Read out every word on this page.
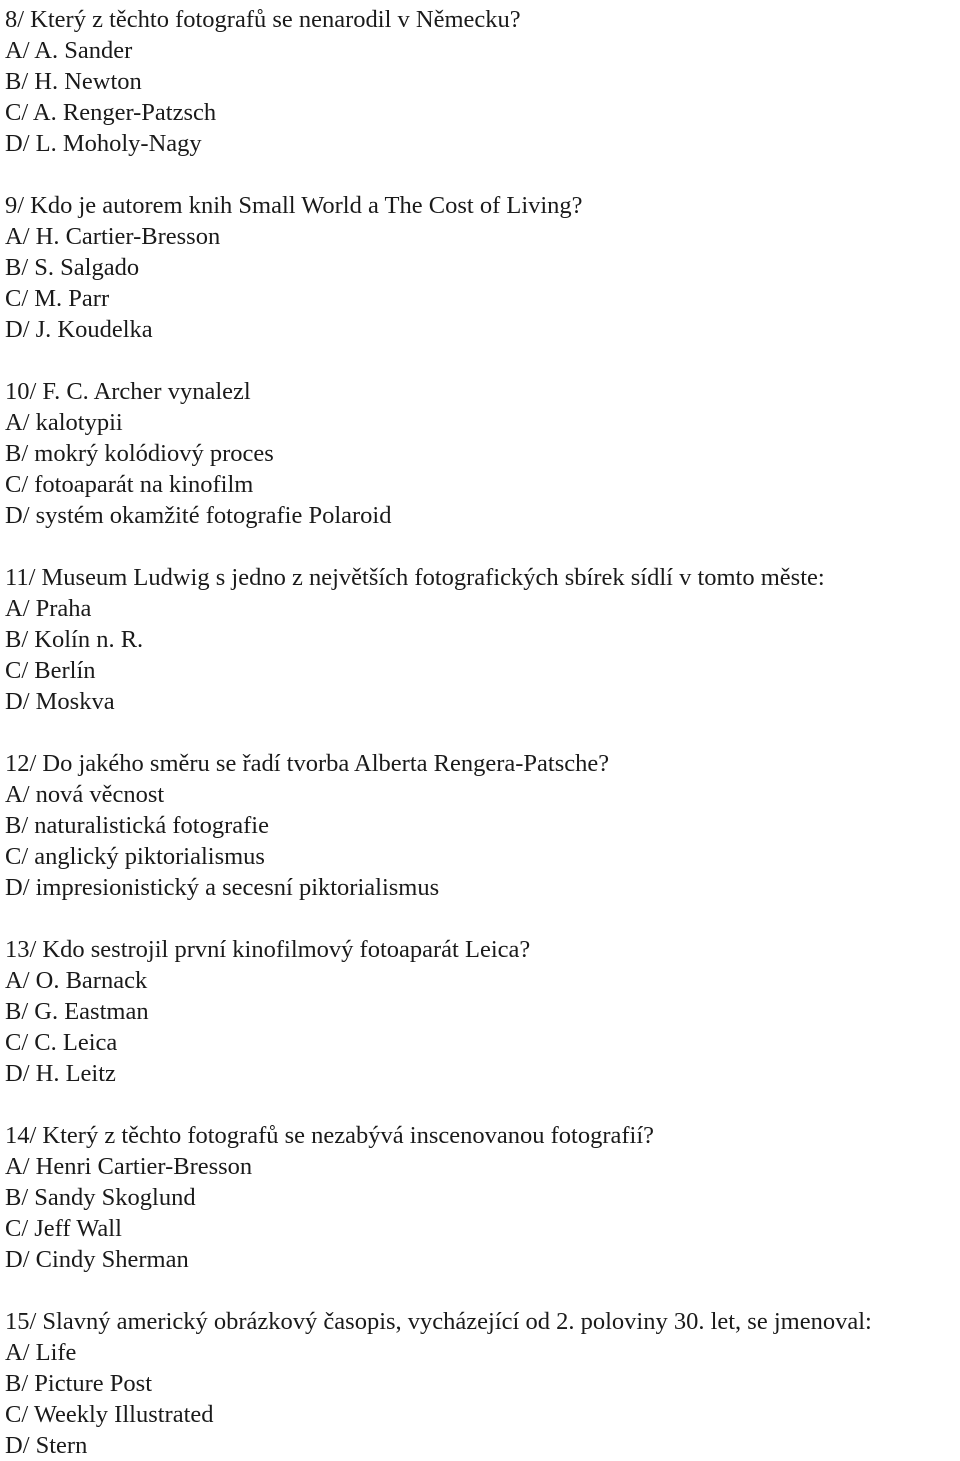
8/ Který z těchto fotografů se nenarodil v Německu?
A/ A. Sander
B/ H. Newton
C/ A. Renger-Patzsch
D/ L. Moholy-Nagy
9/ Kdo je autorem knih Small World a The Cost of Living?
A/ H. Cartier-Bresson
B/ S. Salgado
C/ M. Parr
D/ J. Koudelka
10/ F. C. Archer vynalezl
A/ kalotypii
B/ mokrý kolódiový proces
C/ fotoaparát na kinofilm
D/ systém okamžité fotografie Polaroid
11/ Museum Ludwig s jedno z největších fotografických sbírek sídlí v tomto měste:
A/ Praha
B/ Kolín n. R.
C/ Berlín
D/ Moskva
12/ Do jakého směru se řadí tvorba Alberta Rengera-Patsche?
A/ nová věcnost
B/ naturalistická fotografie
C/ anglický piktorialismus
D/ impresionistický a secesní piktorialismus
13/ Kdo sestrojil první kinofilmový fotoaparát Leica?
A/ O. Barnack
B/ G. Eastman
C/ C. Leica
D/ H. Leitz
14/ Který z těchto fotografů se nezabývá inscenovanou fotografií?
A/ Henri Cartier-Bresson
B/ Sandy Skoglund
C/ Jeff Wall
D/ Cindy Sherman
15/ Slavný americký obrázkový časopis, vycházející od 2. poloviny 30. let, se jmenoval:
A/ Life
B/ Picture Post
C/ Weekly Illustrated
D/ Stern
